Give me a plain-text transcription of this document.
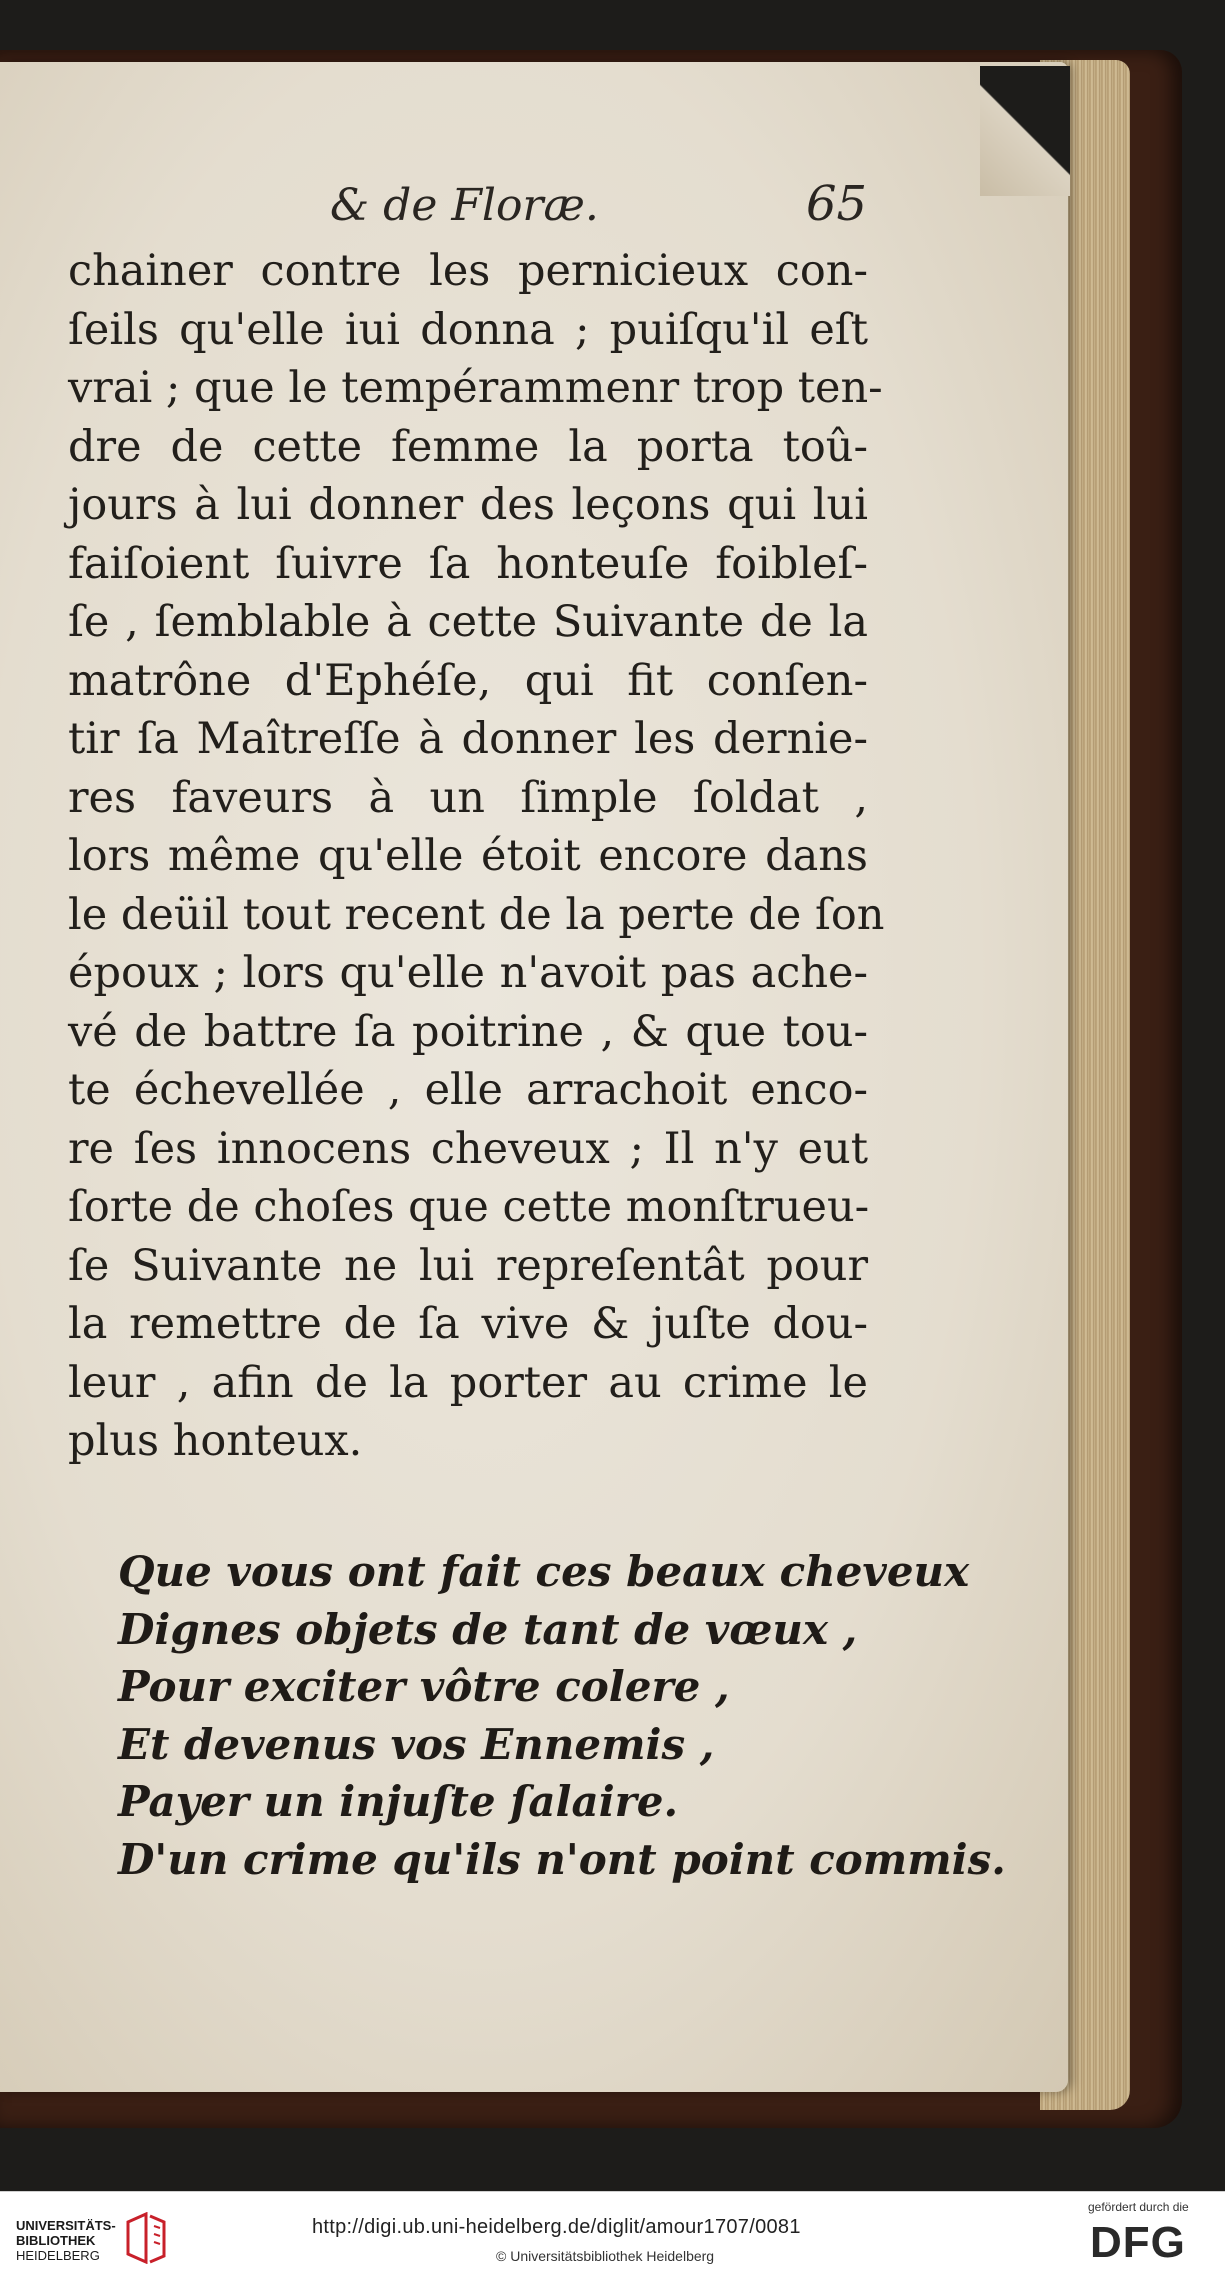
& de Floræ.	65
chainer contre les pernicieux con-
ſeils qu'elle iui donna ; puiſqu'il eſt
vrai ; que le tempérammenr trop ten-
dre de cette femme la porta toû-
jours à lui donner des leçons qui lui
faiſoient ſuivre ſa honteuſe foibleſ-
ſe , ſemblable à cette Suivante de la
matrône d'Ephéſe, qui fit conſen-
tir ſa Maîtreſſe à donner les dernie-
res faveurs à un ſimple ſoldat ,
lors même qu'elle étoit encore dans
le deüil tout recent de la perte de ſon
époux ; lors qu'elle n'avoit pas ache-
vé de battre ſa poitrine , & que tou-
te échevellée , elle arrachoit enco-
re ſes innocens cheveux ; Il n'y eut
ſorte de choſes que cette monſtrueu-
ſe Suivante ne lui repreſentât pour
la remettre de ſa vive & juſte dou-
leur , afin de la porter au crime le
plus honteux.
Que vous ont fait ces beaux cheveux
Dignes objets de tant de vœux ,
Pour exciter vôtre colere ,
Et devenus vos Ennemis ,
Payer un injuſte ſalaire.
D'un crime qu'ils n'ont point commis.
UNIVERSITÄTS-
BIBLIOTHEK
HEIDELBERG
http://digi.ub.uni-heidelberg.de/diglit/amour1707/0081
© Universitätsbibliothek Heidelberg
gefördert durch die
DFG
